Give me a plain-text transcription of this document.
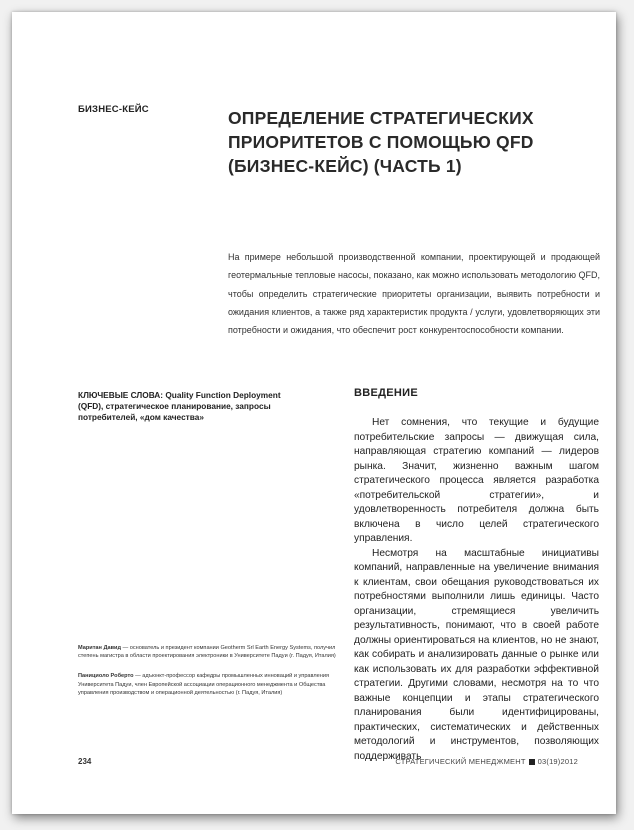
БИЗНЕС-КЕЙС	ОПРЕДЕЛЕНИЕ СТРАТЕГИЧЕСКИХ ПРИОРИТЕТОВ С ПОМОЩЬЮ QFD (БИЗНЕС-КЕЙС) (ЧАСТЬ 1)

На примере небольшой производственной компании, проектирующей и продающей геотермальные тепловые насосы, показано, как можно использовать методологию QFD, чтобы определить стратегические приоритеты организации, выявить потребности и ожидания клиентов, а также ряд характеристик продукта / услуги, удовлетворяющих эти потребности и ожидания, что обеспечит рост конкурентоспособности компании.

КЛЮЧЕВЫЕ СЛОВА: Quality Function Deployment (QFD), стратегическое планирование, запросы потребителей, «дом качества»

Маритан Давид — основатель и президент компании Geotherm Srl Earth Energy Systems, получил степень магистра в области проектирования электроники в Университете Падуи (г. Падуя, Италия)

Панициоло Роберто — адъюнкт-профессор кафедры промышленных инноваций и управления Университета Падуи, член Европейской ассоциации операционного менеджмента и Общества управления производством и операционной деятельностью (г. Падуя, Италия)

ВВЕДЕНИЕ

Нет сомнения, что текущие и будущие потребительские запросы — движущая сила, направляющая стратегию компаний — лидеров рынка. Значит, жизненно важным шагом стратегического процесса является разработка «потребительской стратегии», и удовлетворенность потребителя должна быть включена в число целей стратегического управления.

Несмотря на масштабные инициативы компаний, направленные на увеличение внимания к клиентам, свои обещания руководствоваться их потребностями выполнили лишь единицы. Часто организации, стремящиеся увеличить результативность, понимают, что в своей работе должны ориентироваться на клиентов, но не знают, как собирать и анализировать данные о рынке или как использовать их для разработки эффективной стратегии. Другими словами, несмотря на то что важные концепции и этапы стратегического планирования были идентифицированы, практических, систематических и действенных методологий и инструментов, позволяющих поддерживать

234	СТРАТЕГИЧЕСКИЙ МЕНЕДЖМЕНТ 03(19)2012
